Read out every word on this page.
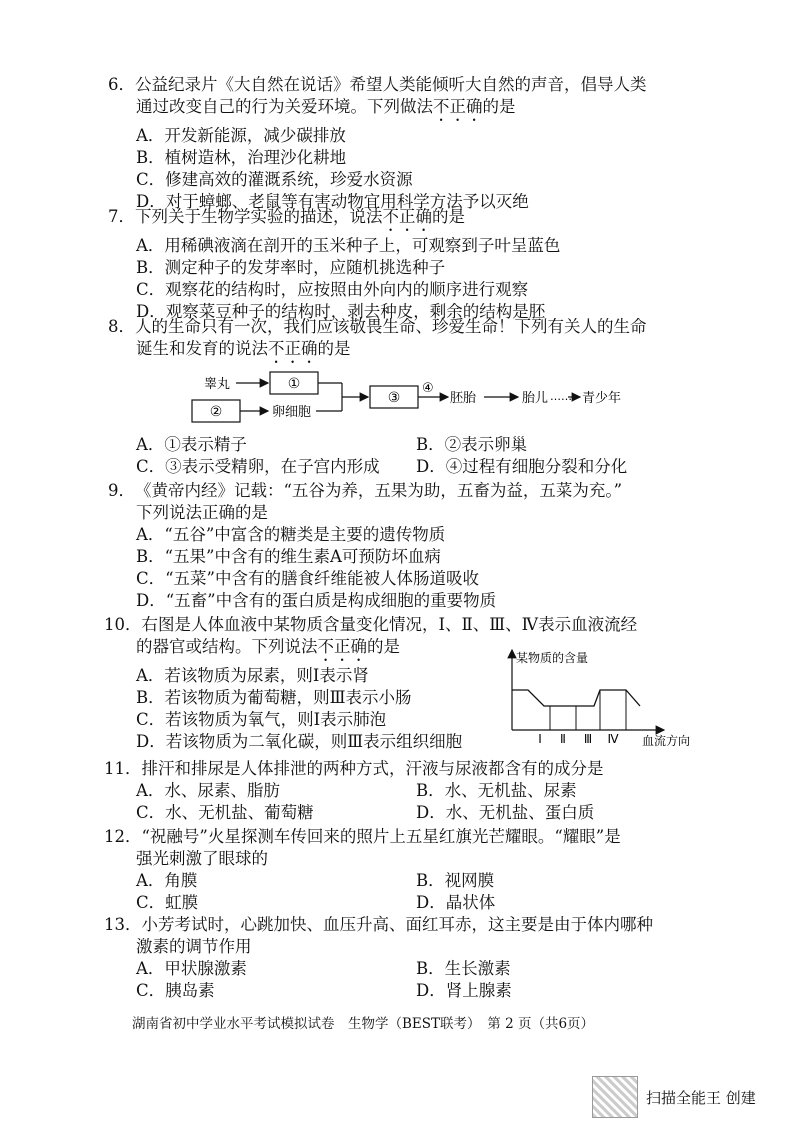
6．公益纪录片《大自然在说话》希望人类能倾听大自然的声音，倡导人类

通过改变自己的行为关爱环境。下列做法不正确的是

A．开发新能源，减少碳排放

B．植树造林，治理沙化耕地

C．修建高效的灌溉系统，珍爱水资源

D．对于蟑螂、老鼠等有害动物宜用科学方法予以灭绝

7．下列关于生物学实验的描述，说法不正确的是

A．用稀碘液滴在剖开的玉米种子上，可观察到子叶呈蓝色

B．测定种子的发芽率时，应随机挑选种子

C．观察花的结构时，应按照由外向内的顺序进行观察

D．观察菜豆种子的结构时，剥去种皮，剩余的结构是胚

8．人的生命只有一次，我们应该敬畏生命、珍爱生命！下列有关人的生命

诞生和发育的说法不正确的是

睾丸	①
②	卵细胞
③
④
胚胎	胎儿 …… 青少年
A．①表示精子	B．②表示卵巢
C．③表示受精卵，在子宫内形成	D．④过程有细胞分裂和分化

9．《黄帝内经》记载：“五谷为养，五果为助，五畜为益，五菜为充。”

下列说法正确的是

A．“五谷”中富含的糖类是主要的遗传物质

B．“五果”中含有的维生素A可预防坏血病

C．“五菜”中含有的膳食纤维能被人体肠道吸收

D．“五畜”中含有的蛋白质是构成细胞的重要物质

10．右图是人体血液中某物质含量变化情况，Ⅰ、Ⅱ、Ⅲ、Ⅳ表示血液流经

的器官或结构。下列说法不正确的是

A．若该物质为尿素，则Ⅰ表示肾

B．若该物质为葡萄糖，则Ⅲ表示小肠

C．若该物质为氧气，则Ⅰ表示肺泡

D．若该物质为二氧化碳，则Ⅲ表示组织细胞

某物质的含量
Ⅰ Ⅱ Ⅲ Ⅳ 血流方向

11．排汗和排尿是人体排泄的两种方式，汗液与尿液都含有的成分是

A．水、尿素、脂肪	B．水、无机盐、尿素
C．水、无机盐、葡萄糖	D．水、无机盐、蛋白质

12．“祝融号”火星探测车传回来的照片上五星红旗光芒耀眼。“耀眼”是

强光刺激了眼球的

A．角膜	B．视网膜
C．虹膜	D．晶状体

13．小芳考试时，心跳加快、血压升高、面红耳赤，这主要是由于体内哪种

激素的调节作用

A．甲状腺激素	B．生长激素
C．胰岛素	D．肾上腺素
湖南省初中学业水平考试模拟试卷　生物学（BEST联考）　第 2 页（共6页）
扫描全能王 创建
